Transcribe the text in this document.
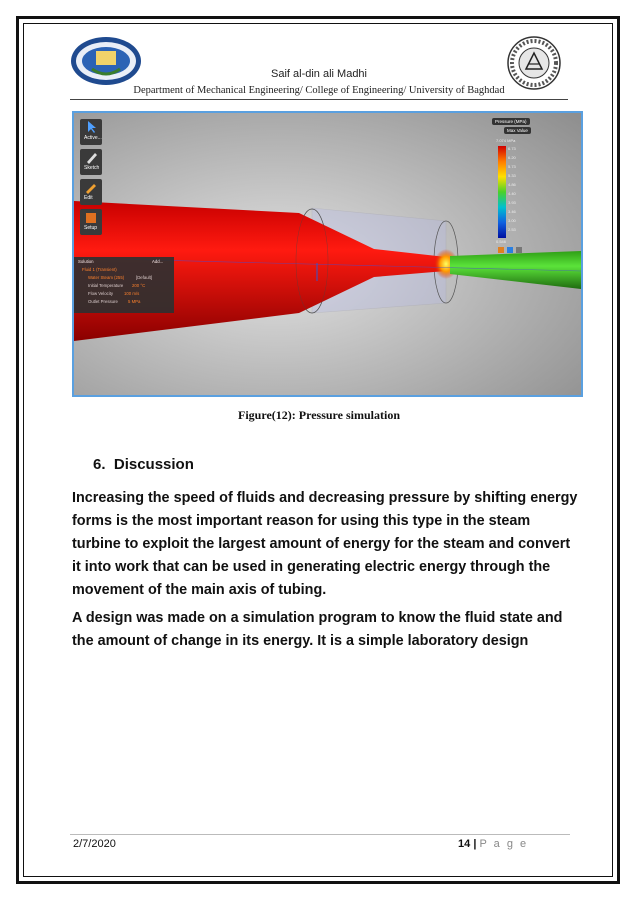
Saif al-din ali Madhi
Department of Mechanical Engineering/ College of Engineering/ University of Baghdad
Active...
Sketch
Edit
Setup
Solution	Add...
Fluid 1 (Transient)
Water Steam (255)	[Default]
Initial Temperature 200 °C
Flow Velocity	100 m/s
Outlet Pressure 5 MPa
Pressure (MPa)
Max Value
7.074 MPa
6.73
6.20
5.73
5.33
4.86
4.40
3.93
3.46
3.00
2.53
0.546
Figure(12): Pressure simulation
6. Discussion

Increasing the speed of fluids and decreasing pressure by shifting energy forms is the most important reason for using this type in the steam turbine to exploit the largest amount of energy for the steam and convert it into work that can be used in generating electric energy through the movement of the main axis of tubing.

A design was made on a simulation program to know the fluid state and the amount of change in its energy. It is a simple laboratory design

2/7/2020	14 | P a g e
